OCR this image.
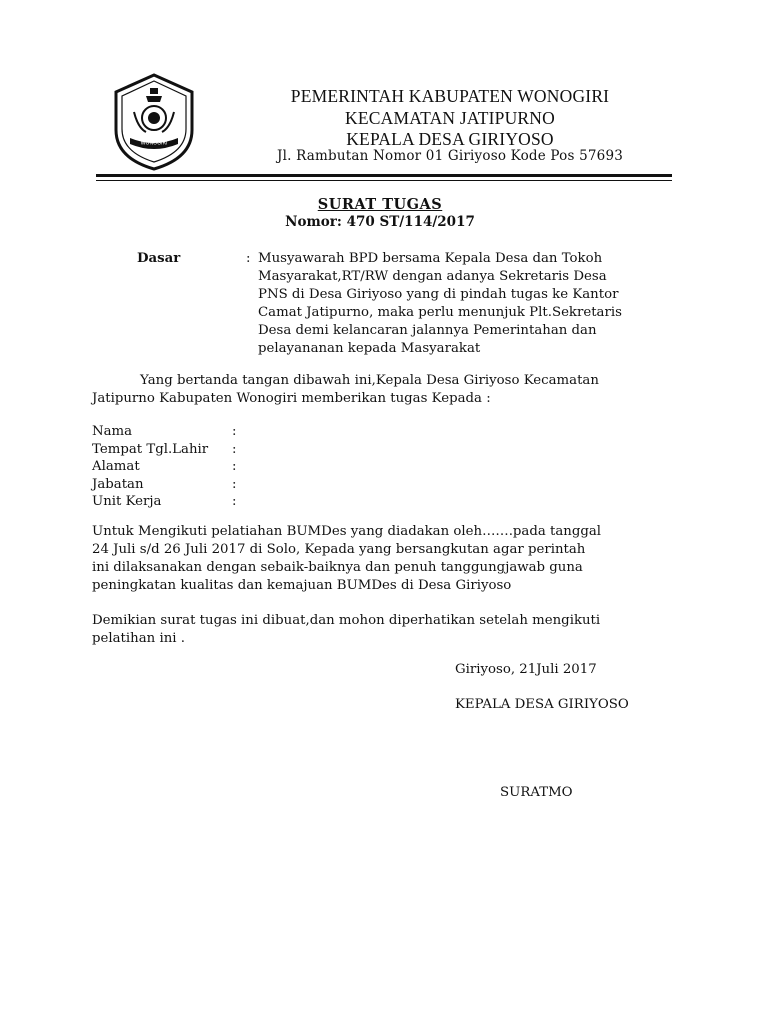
WONOGIRI
PEMERINTAH KABUPATEN WONOGIRI
KECAMATAN JATIPURNO
KEPALA DESA GIRIYOSO
Jl. Rambutan Nomor 01 Giriyoso Kode Pos 57693
SURAT TUGAS
Nomor: 470 ST/114/2017
Dasar	: Musyawarah BPD bersama Kepala Desa dan Tokoh
Masyarakat,RT/RW dengan adanya Sekretaris Desa
PNS di Desa Giriyoso yang di pindah tugas ke Kantor
Camat Jatipurno, maka perlu menunjuk Plt.Sekretaris
Desa demi kelancaran jalannya Pemerintahan dan
pelayananan kepada Masyarakat
Yang bertanda tangan dibawah ini,Kepala Desa Giriyoso Kecamatan
Jatipurno Kabupaten Wonogiri memberikan tugas Kepada :
Nama	:
Tempat Tgl.Lahir :
Alamat	:
Jabatan	:
Unit Kerja	:
Untuk Mengikuti pelatiahan BUMDes yang diadakan oleh…….pada tanggal
24 Juli s/d 26 Juli 2017 di Solo, Kepada yang bersangkutan agar perintah
ini dilaksanakan dengan sebaik-baiknya dan penuh tanggungjawab guna
peningkatan kualitas dan kemajuan BUMDes di Desa Giriyoso
Demikian surat tugas ini dibuat,dan mohon diperhatikan setelah mengikuti
pelatihan ini .
Giriyoso, 21Juli 2017
KEPALA DESA GIRIYOSO
SURATMO
